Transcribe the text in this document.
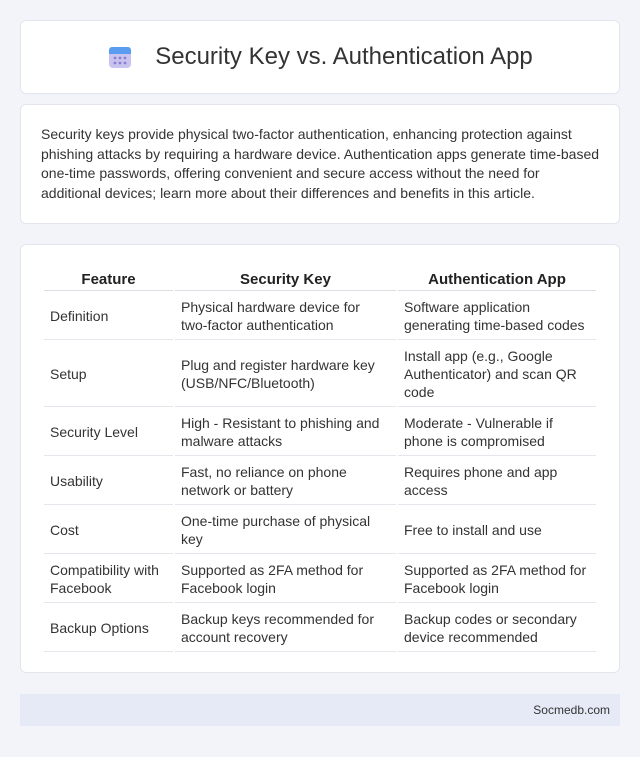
Security Key vs. Authentication App

Security keys provide physical two-factor authentication, enhancing protection against phishing attacks by requiring a hardware device. Authentication apps generate time-based one-time passwords, offering convenient and secure access without the need for additional devices; learn more about their differences and benefits in this article.

Feature	Security Key	Authentication App
Definition	Physical hardware device for two-factor authentication	Software application generating time-based codes
Setup	Plug and register hardware key (USB/NFC/Bluetooth)	Install app (e.g., Google Authenticator) and scan QR code
Security Level	High - Resistant to phishing and malware attacks	Moderate - Vulnerable if phone is compromised
Usability	Fast, no reliance on phone network or battery	Requires phone and app access
Cost	One-time purchase of physical key	Free to install and use
Compatibility with Facebook	Supported as 2FA method for Facebook login	Supported as 2FA method for Facebook login
Backup Options	Backup keys recommended for account recovery	Backup codes or secondary device recommended
Socmedb.com
